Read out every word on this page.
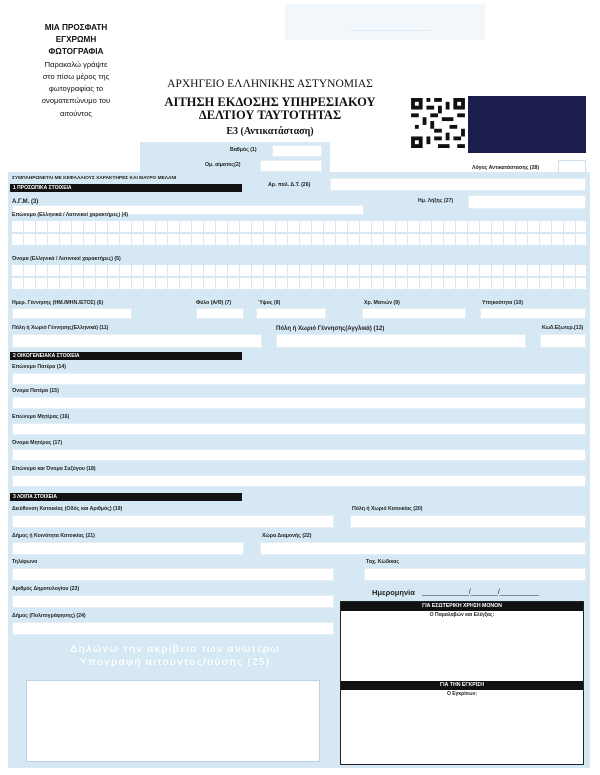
ΜΙΑ ΠΡΟΣΦΑΤΗ
ΕΓΧΡΩΜΗ
ΦΩΤΟΓΡΑΦΙΑ
Παρακαλώ γράψτε
στο πίσω μέρος της
φωτογραφίας το
ονοματεπώνυμο του
αιτούντος
ΑΡΧΗΓΕΙΟ ΕΛΛΗΝΙΚΗΣ ΑΣΤΥΝΟΜΙΑΣ
ΑΙΤΗΣΗ ΕΚΔΟΣΗΣ ΥΠΗΡΕΣΙΑΚΟΥ
ΔΕΛΤΙΟΥ ΤΑΥΤΟΤΗΤΑΣ
Ε3 (Αντικατάσταση)
Βαθμός (1)
Ομ. αίματος(2)	Λόγος Αντικατάστασης (28)
ΣΥΜΠΛΗΡΩΝΕΤΑΙ ΜΕ ΚΕΦΑΛΑΙΟΥΣ ΧΑΡΑΚΤΗΡΕΣ ΚΑΙ ΜΑΥΡΟ ΜΕΛΑΝΙ
1 ΠΡΟΣΩΠΙΚΑ ΣΤΟΙΧΕΙΑ	Αρ. παλ. Δ.Τ. (26)
Α.Γ.Μ. (3)	Ημ. Λήξης (27)
Επώνυμο (Ελληνικά / Λατινικοί χαρακτήρες) (4)
Όνομα (Ελληνικά / Λατινικοί χαρακτήρες) (5)
Ημερ. Γέννησης (ΗΜ./ΜΗΝ./ΕΤΟΣ) (6)	Φύλο (Α/Θ) (7)	Ύψος (8)	Χρ. Ματιών (9)	Υπηκοότητα (10)
Πόλη ή Χωριό Γέννησης(Ελληνικά) (11)	Πόλη ή Χωριό Γέννησης(Αγγλικά) (12)	Κωδ.Εξωτερ.(13)
2 ΟΙΚΟΓΕΝΕΙΑΚΑ ΣΤΟΙΧΕΙΑ
Επώνυμο Πατέρα (14)
Όνομα Πατέρα (15)
Επώνυμο Μητέρας (16)
Όνομα Μητέρας (17)
Επώνυμο και Όνομα Συζύγου (18)
3 ΛΟΙΠΑ ΣΤΟΙΧΕΙΑ
Διεύθυνση Κατοικίας (Οδός και Αριθμός) (19)	Πόλη ή Χωριό Κατοικίας (20)
Δήμος ή Κοινότητα Κατοικίας (21)	Χώρα Διαμονής (22)
Τηλέφωνο	Ταχ. Κώδικας
Αριθμός Δημοτολογίου (23)	Ημερομηνία ____________/_______/__________
Δήμος (Πολιτογράφησης) (24)
ΓΙΑ ΕΣΩΤΕΡΙΚΗ ΧΡΗΣΗ ΜΟΝΟΝ
Ο Παραλαβών και Ελέγξας:
ΓΙΑ ΤΗΝ ΕΓΚΡΙΣΗ
Ο Εγκρίνων:
Δηλώνω την ακρίβεια των ανωτέρω
Υπογραφή αιτούντος/ούσης (25)
